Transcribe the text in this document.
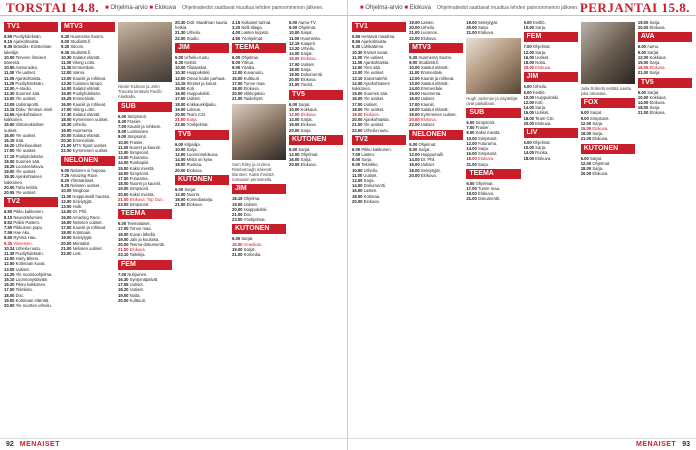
TORSTAI 14.8. ■ Ohjelma-arvio ■ Elokuva Ohjelmatiedot saattavat muuttua lehden painoonmenon jälkeen.
TV1
5.55 Puoliyhdeksän.
9.15 Ajankohtaista.
9.30 Brändiis- Einsteinian lakeilijä.
10.00 Terveen ihmisen ääressä.
10.50 Aamuruoka.
11.00 Yle uutiset.
11.05 Ajankohtaista.
11.25 Puoliyhdeksän.
12.00 A-studio.
12.30 Suomen sää.
13.00 Yle uutiset.
13.05 Uutisraportti.
13.15 Doku: Ihmisen mieli.
14.55 Ajankohtainen kakkonen.
15.50 Viittomakieliset uutiset.
16.00 Yle uutiset.
16.15 Sää.
16.20 Urheiluuutiset.
17.00 Yle uutiset.
17.10 Puoliyhdeksän.
18.00 Suomen sää.
18.25 Luontoelokuva.
19.00 Yle uutiset.
19.30 Ajankohtainen kakkonen.
20.00 Tuttu keittiö.
20.55 Yle uutiset.
TV2
6.50 Pikku kakkonen.
8.10 Neuvottelumies.
8.52 Poliisi Pattero.
7.50 Pikkuinen pupu.
7.59 Hae Aku.
8.50 Ryhmä Hau.
9.35 Viimeinen.
10.24 Urheilu-ruutu.
11.30 Puoliyhdeksän.
12.00 Hairy Bikers.
12.50 Kotimaan kuvat.
13.00 Uutiset.
14.25 Yle nuorisoohjelma.
15.10 Luonnonystäväin.
16.20 Pikku kakkonen.
17.00 Teknikko.
18.00 Doc.
19.00 Kotimaan elämää.
20.00 Yle nuorten urheilu.
MTV3
5.30 Huomenta Suomi.
9.00 Studio55.fi.
9.30 Sitcom.
9.45 Studio55.fi.
10.30 Salatut elämät.
11.00 Viking Lotto.
11.30 Emmerdale.
12.00 Vaimo.
13.00 Kauniit ja rohkeat.
13.30 Cuisinen lämpö.
14.00 Salatut elämät.
15.00 Puoliyhdeksän.
15.25 Emmerdale.
16.00 Kauniit ja rohkeat.
17.00 Viking Lotto.
17.30 Salatut elämät.
18.00 Kymmenen uutiset.
18.30 Urheilu.
19.00 Huomenta.
20.00 Salatut elämät.
20.30 Emmerdale.
21.00 MTV Sport uutiset.
22.00 Kymmenen uutiset.
NELONEN
5.00 Nelonen ei hopeaa.
7.25 Amazing Race.
8.20 Ylimääräiset.
9.20 Nelosen uutiset.
10.00 Neigbour.
11.00 Huippumalli haussa.
12.00 Selviytyjät.
13.00 Hulk.
14.00 Dr. Phil.
15.00 Amazing Race.
16.00 Nelosen uutiset.
17.00 Kauniit ja rohkeat.
18.00 Kotimaan.
19.00 Selviytyjät.
20.00 Mentalist.
21.00 Nelosen uutiset.
22.00 Lost.
Nicole Kidman ja John Travolta lentävät Pacific Alaskalla.
SUB
6.00 Simpsonit.
6.30 Frasier.
7.00 Kauniit ja rohkeat.
8.00 Luottomies.
9.00 Simpsonit.
10.00 Frasier.
11.00 Nuoret ja kauniit.
12.00 Simpsonit.
13.00 Futurama.
14.00 Ruokapiiri.
15.00 Kaksi miestä.
16.00 Simpsonit.
17.00 Futurama.
18.00 Nuoret ja kauniit.
19.00 Simpsonit.
20.00 Kaksi miestä.
21.00 Elokuva: Top Gun.
23.00 Simpsonit.
TEEMA
6.00 Teemalaiset.
17.00 Tunne maa.
18.00 Kuvan lähellä.
19.00 Jalo ja kuuluisa.
20.00 Teema-dokumentti.
21.00 Elokuva.
23.10 Taiteilija.
FEM
7.00 Nuhjuinen.
16.30 Syntymäpäivät.
17.55 Uutiset.
18.20 Uutiset.
19.00 Noita.
20.00 Kulttuuri.
20.30 Dok: Maailman suuria hetkiä.
21.30 Urheilu.
22.00 Studio.
JIM
5.00 Urheilu-ruutu.
6.30 Keittiö.
10.00 Tilulaaskut.
10.30 Huippukokki.
12.00 Oman kodin parhaat.
14.15 Ihmiset ja koirat.
15.00 Koti.
16.00 Huippukokki.
17.00 Uutiset.
18.00 Kokkauskilpailu.
19.00 Luksus.
20.00 Team CSI.
21.00 Sarja.
22.00 Yöohjelmat.
TV5
6.00 Kilpailija.
10.00 Sarja.
12.00 Luonnonelokuva.
14.00 Mistä on kyse.
18.00 Ruokaa.
20.00 Elokuva.
KUTONEN
6.00 Sarjat.
12.00 Nuoret.
18.00 Komediasarja.
21.00 Elokuva.
2.15 Kultaiset tarinat.
3.20 Nelli tilaaja.
4.00 Lasten kirjasto.
4.50 Yöohjelmat.
TEEMA
6.00 Ohjelmia.
8.00 Yökuu.
9.00 Yöaika.
12.00 Kuvaruutu.
15.00 Kulttuuri.
17.00 Tunne maa.
18.00 Elokuva.
20.00 Viikkojakso.
21.00 Taidelöytö.
Sam Riley ja Andrea Riseborough näkevät tilanteet. Kaksi ihmistä romaanin perusteella.
JIM
18.15 Ohjelma.
19.00 Uutiset.
20.00 Huippukokki.
21.00 Doc.
23.00 Yöohjelmat.
KUTONEN
6.00 Sarjat.
15.00 Amerikan.
19.00 Sarjat.
21.00 Komedia.
6.00 Aamu-TV.
9.00 Ohjelmat.
10.00 Sarjat.
11.00 Huomenta.
12.15 Kaapeli.
13.20 Urheilu.
14.00 Sarjat.
15.00 Elokuva.
17.00 Uutiset.
18.00 Sarja.
19.00 Dokumentti.
20.00 Elokuva.
21.00 Tiedot.
TV5
6.00 Sarjat.
10.00 Kokkaus.
12.00 Elokuva.
14.00 Sarjat.
16.00 Elokuva.
20.00 Sarja.
KUTONEN
6.00 Sarjat.
12.00 Ohjelmat.
16.00 Sarja.
20.00 Elokuva.
92 MENAISET
■ Ohjelma-arvio ■ Elokuva Ohjelmatiedot saattavat muuttua lehden painoonmenon jälkeen. PERJANTAI 15.8.
TV1
5.55 Heräävä maailma.
8.55 Ajankohtaista.
9.30 Lohikäärme.
10.30 Kiviset sanat.
11.00 Yle uutiset.
11.05 Ajankohtaista.
12.00 Ylen sää.
13.00 Yle uutiset.
13.10 Sanomalehti.
14.00 Ajankohtainen kakkonen.
15.00 Suomen sää.
16.00 Yle uutiset.
17.00 Uutiset.
18.00 Yle uutiset.
19.00 Elokuva.
20.00 Ajankohtaista.
21.00 Yle uutiset.
22.00 Urheilu-ruutu.
TV2
6.00 Pikku kakkonen.
7.00 Lasten.
8.00 Sarja.
9.00 Teknikko.
10.00 Urheilu.
11.00 Uutiset.
12.00 Sarja.
14.00 Dokumentti.
16.00 Lasten.
18.00 Kotimaa.
20.00 Elokuva.
19.00 Lasten.
20.00 Urheilu.
21.00 Luonnon.
22.00 Elokuva.
MTV3
5.30 Huomenta Suomi.
9.00 Studio55.fi.
10.00 Salatut elämät.
11.00 Emmerdale.
12.00 Kauniit ja rohkeat.
13.00 Salatut elämät.
14.00 Emmerdale.
15.00 Huomenta.
16.00 Uutiset.
17.00 Kauniit.
18.00 Salatut elämät.
19.00 Kymmenen uutiset.
20.00 Elokuva.
22.00 Uutiset.
NELONEN
5.00 Ohjelmat.
8.00 Sarjat.
12.00 Huippumalli.
14.00 Dr. Phil.
16.00 Uutiset.
18.00 Selviytyjät.
20.00 Elokuva.
19.00 Selviytyjät.
20.00 Sarja.
21.00 Elokuva.
Hugh Jackman ja näyttelijät ovat paikallaan.
SUB
6.00 Simpsonit.
7.00 Frasier.
8.00 Kaksi miestä.
10.00 Simpsonit.
12.00 Futurama.
14.00 Sarja.
16.00 Simpsonit.
18.00 Elokuva.
21.00 Sarja.
TEEMA
6.00 Ohjelmat.
17.00 Tunne maa.
19.00 Elokuva.
21.00 Dokumentti.
9.00 Keittiö.
10.00 Sarja.
FEM
7.00 Ohjelmat.
12.00 Sarja.
16.00 Uutiset.
18.00 Noita.
20.00 Elokuva.
JIM
5.00 Urheilu.
8.00 Keittiö.
10.00 Huippukokki.
12.00 Koti.
14.00 Sarja.
16.00 Uutiset.
18.00 Team CSI.
20.00 Elokuva.
LIV
6.00 Ohjelmat.
10.00 Sarja.
14.00 Ruoka.
18.00 Elokuva.
Julia Roberts esittää naista joka rakastaa.
FOX
6.00 Sarjat.
9.00 Simpsonit.
12.00 Sarja.
15.00 Elokuva.
18.00 Sarja.
21.00 Elokuva.
KUTONEN
6.00 Sarjat.
12.00 Ohjelmat.
18.00 Sarja.
20.00 Elokuva.
19.00 Sarja.
20.00 Elokuva.
AVA
6.00 Aamu.
9.00 Sarjat.
12.00 Kokkaus.
15.00 Sarja.
18.00 Elokuva.
21.00 Sarja.
TV5
6.00 Sarjat.
10.00 Kokkaus.
14.00 Elokuva.
18.00 Sarja.
21.00 Elokuva.
MENAISET 93
